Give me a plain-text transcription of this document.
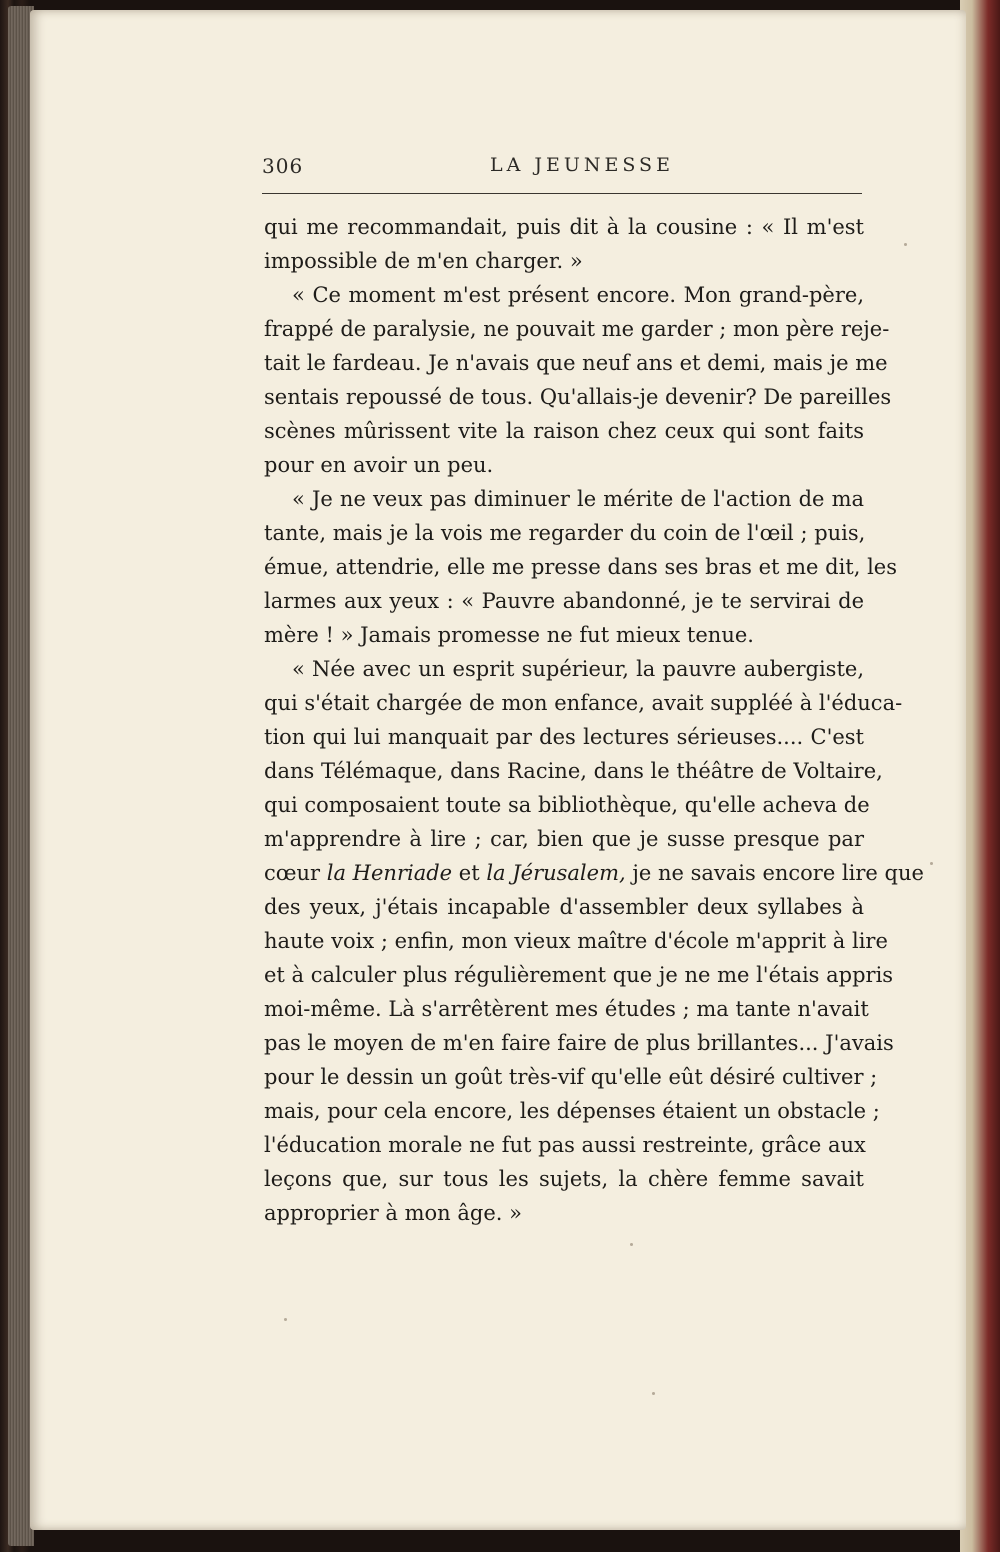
306	LA JEUNESSE

qui me recommandait, puis dit à la cousine : « Il m'est
impossible de m'en charger. »

« Ce moment m'est présent encore. Mon grand-père,
frappé de paralysie, ne pouvait me garder ; mon père reje-
tait le fardeau. Je n'avais que neuf ans et demi, mais je me
sentais repoussé de tous. Qu'allais-je devenir? De pareilles
scènes mûrissent vite la raison chez ceux qui sont faits
pour en avoir un peu.

« Je ne veux pas diminuer le mérite de l'action de ma
tante, mais je la vois me regarder du coin de l'œil ; puis,
émue, attendrie, elle me presse dans ses bras et me dit, les
larmes aux yeux : « Pauvre abandonné, je te servirai de
mère ! » Jamais promesse ne fut mieux tenue.

« Née avec un esprit supérieur, la pauvre aubergiste,
qui s'était chargée de mon enfance, avait suppléé à l'éduca-
tion qui lui manquait par des lectures sérieuses.... C'est
dans Télémaque, dans Racine, dans le théâtre de Voltaire,
qui composaient toute sa bibliothèque, qu'elle acheva de
m'apprendre à lire ; car, bien que je susse presque par
cœur la Henriade et la Jérusalem, je ne savais encore lire que
des yeux, j'étais incapable d'assembler deux syllabes à
haute voix ; enfin, mon vieux maître d'école m'apprit à lire
et à calculer plus régulièrement que je ne me l'étais appris
moi-même. Là s'arrêtèrent mes études ; ma tante n'avait
pas le moyen de m'en faire faire de plus brillantes... J'avais
pour le dessin un goût très-vif qu'elle eût désiré cultiver ;
mais, pour cela encore, les dépenses étaient un obstacle ;
l'éducation morale ne fut pas aussi restreinte, grâce aux
leçons que, sur tous les sujets, la chère femme savait
approprier à mon âge. »
